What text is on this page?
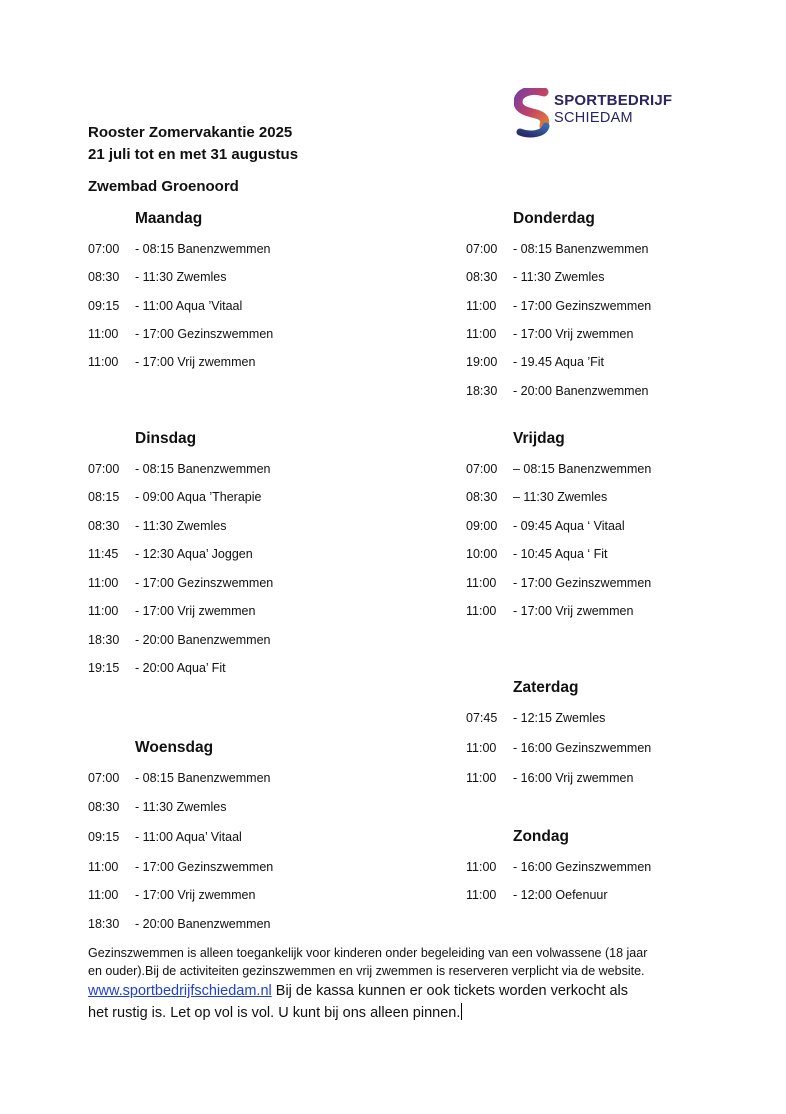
SPORTBEDRIJF
SCHIEDAM
Rooster Zomervakantie 2025
21 juli tot en met 31 augustus
Zwembad Groenoord
Maandag
07:00 - 08:15 Banenzwemmen
08:30 - 11:30 Zwemles
09:15 - 11:00 Aqua ’Vitaal
11:00 - 17:00 Gezinszwemmen
11:00 - 17:00 Vrij zwemmen
Dinsdag
07:00 - 08:15 Banenzwemmen
08:15 - 09:00 Aqua ’Therapie
08:30 - 11:30 Zwemles
11:45 - 12:30 Aqua’ Joggen
11:00 - 17:00 Gezinszwemmen
11:00 - 17:00 Vrij zwemmen
18:30 - 20:00 Banenzwemmen
19:15 - 20:00 Aqua’ Fit
Woensdag
07:00 - 08:15 Banenzwemmen
08:30 - 11:30 Zwemles
09:15 - 11:00 Aqua’ Vitaal
11:00 - 17:00 Gezinszwemmen
11:00 - 17:00 Vrij zwemmen
18:30 - 20:00 Banenzwemmen
Donderdag
07:00 - 08:15 Banenzwemmen
08:30 - 11:30 Zwemles
11:00 - 17:00 Gezinszwemmen
11:00 - 17:00 Vrij zwemmen
19:00 - 19.45 Aqua ’Fit
18:30 - 20:00 Banenzwemmen
Vrijdag
07:00 – 08:15 Banenzwemmen
08:30 – 11:30 Zwemles
09:00 - 09:45 Aqua ‘ Vitaal
10:00 - 10:45 Aqua ‘ Fit
11:00 - 17:00 Gezinszwemmen
11:00 - 17:00 Vrij zwemmen
Zaterdag
07:45 - 12:15 Zwemles
11:00 - 16:00 Gezinszwemmen
11:00 - 16:00 Vrij zwemmen
Zondag
11:00 - 16:00 Gezinszwemmen
11:00 - 12:00 Oefenuur
Gezinszwemmen is alleen toegankelijk voor kinderen onder begeleiding van een volwassene (18 jaar
en ouder).Bij de activiteiten gezinszwemmen en vrij zwemmen is reserveren verplicht via de website.
www.sportbedrijfschiedam.nl Bij de kassa kunnen er ook tickets worden verkocht als
het rustig is. Let op vol is vol. U kunt bij ons alleen pinnen.
